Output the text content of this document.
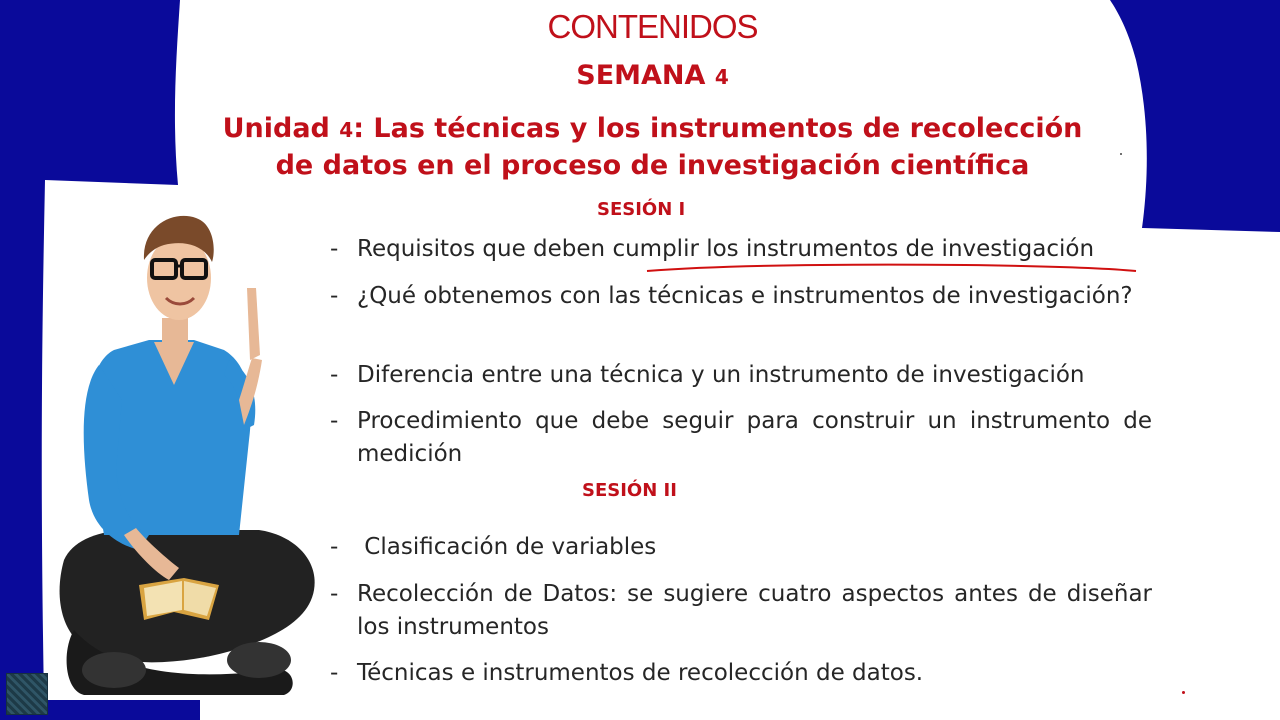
CONTENIDOS
SEMANA 4
Unidad 4: Las técnicas y los instrumentos de recolección
de datos en el proceso de investigación científica
SESIÓN I
- Requisitos que deben cumplir los instrumentos de investigación
- ¿Qué obtenemos con las técnicas e instrumentos de investigación?
- Diferencia entre una técnica y un instrumento de investigación
- Procedimiento que debe seguir para construir un instrumento de medición
SESIÓN II
- Clasificación de variables
- Recolección de Datos: se sugiere cuatro aspectos antes de diseñar los instrumentos
- Técnicas e instrumentos de recolección de datos.
